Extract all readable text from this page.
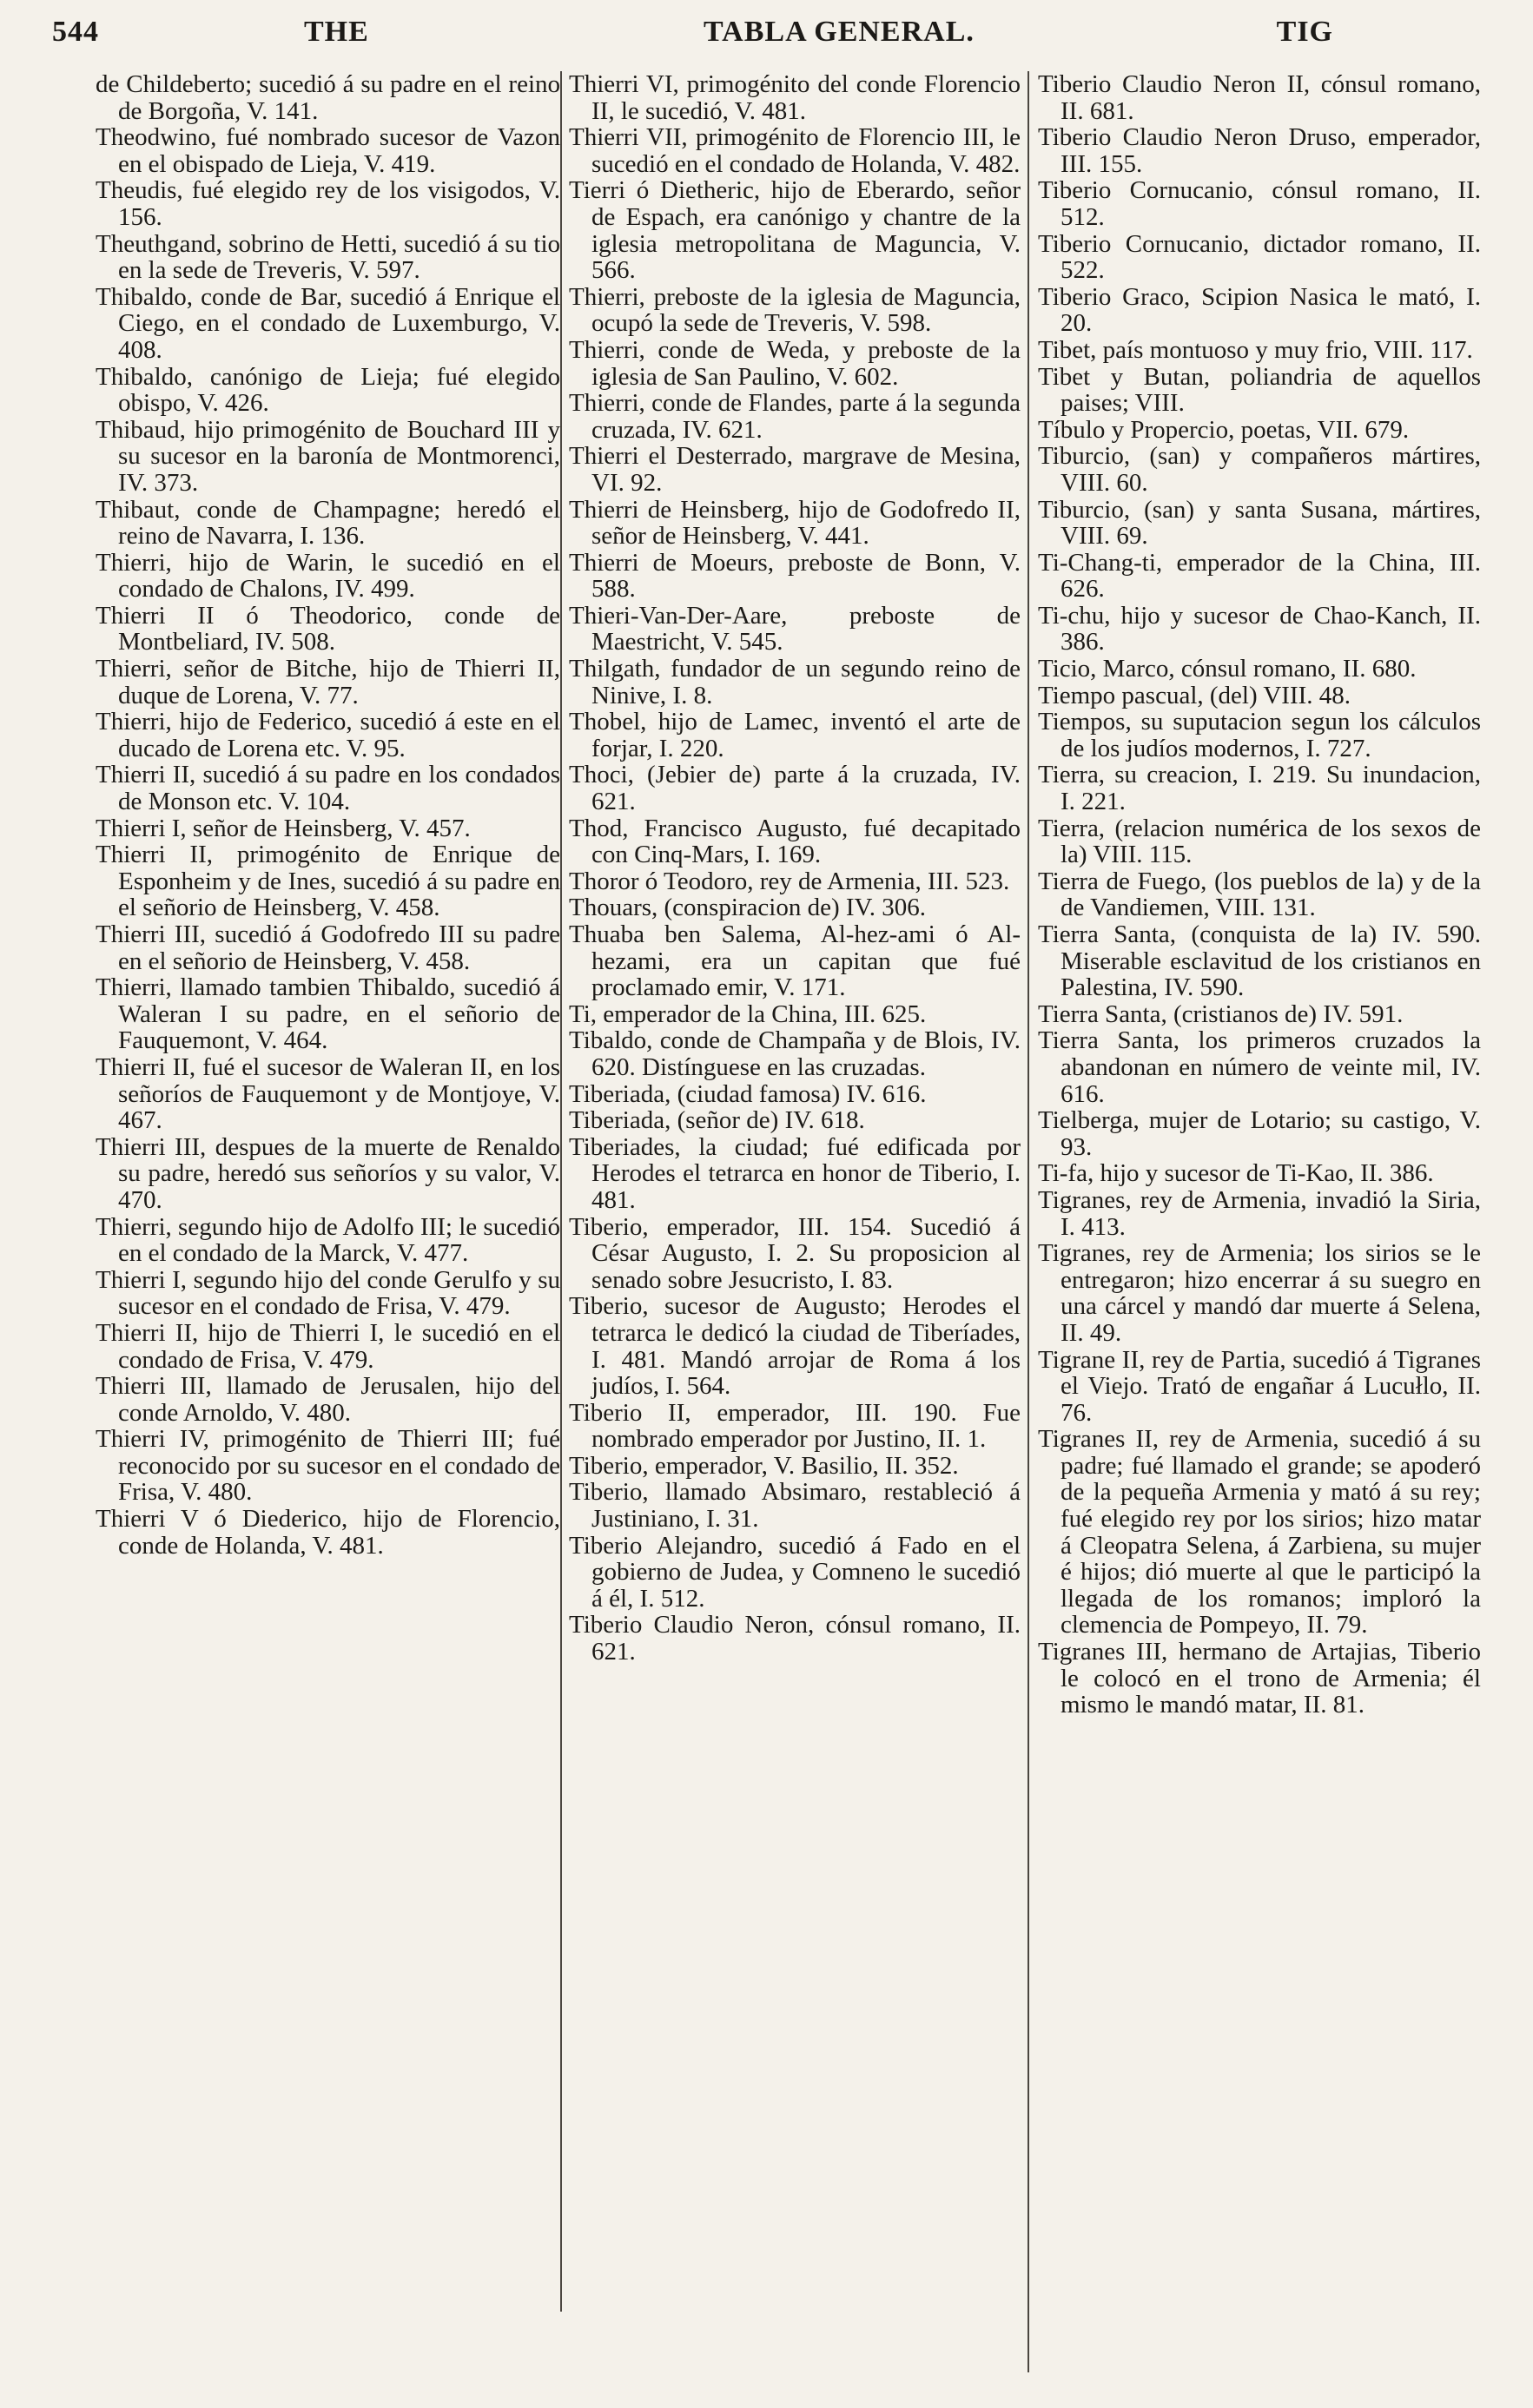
544	THE	TABLA GENERAL.	TIG

de Childeberto; sucedió á su padre en el reino de Borgoña, V. 141.

Theodwino, fué nombrado sucesor de Vazon en el obispado de Lieja, V. 419.

Theudis, fué elegido rey de los visigodos, V. 156.

Theuthgand, sobrino de Hetti, sucedió á su tio en la sede de Treveris, V. 597.

Thibaldo, conde de Bar, sucedió á Enrique el Ciego, en el condado de Luxemburgo, V. 408.

Thibaldo, canónigo de Lieja; fué elegido obispo, V. 426.

Thibaud, hijo primogénito de Bouchard III y su sucesor en la baronía de Montmorenci, IV. 373.

Thibaut, conde de Champagne; heredó el reino de Navarra, I. 136.

Thierri, hijo de Warin, le sucedió en el condado de Chalons, IV. 499.

Thierri II ó Theodorico, conde de Montbeliard, IV. 508.

Thierri, señor de Bitche, hijo de Thierri II, duque de Lorena, V. 77.

Thierri, hijo de Federico, sucedió á este en el ducado de Lorena etc. V. 95.

Thierri II, sucedió á su padre en los condados de Monson etc. V. 104.

Thierri I, señor de Heinsberg, V. 457.

Thierri II, primogénito de Enrique de Esponheim y de Ines, sucedió á su padre en el señorio de Heinsberg, V. 458.

Thierri III, sucedió á Godofredo III su padre en el señorio de Heinsberg, V. 458.

Thierri, llamado tambien Thibaldo, sucedió á Waleran I su padre, en el señorio de Fauquemont, V. 464.

Thierri II, fué el sucesor de Waleran II, en los señoríos de Fauquemont y de Montjoye, V. 467.

Thierri III, despues de la muerte de Renaldo su padre, heredó sus señoríos y su valor, V. 470.

Thierri, segundo hijo de Adolfo III; le sucedió en el condado de la Marck, V. 477.

Thierri I, segundo hijo del conde Gerulfo y su sucesor en el condado de Frisa, V. 479.

Thierri II, hijo de Thierri I, le sucedió en el condado de Frisa, V. 479.

Thierri III, llamado de Jerusalen, hijo del conde Arnoldo, V. 480.

Thierri IV, primogénito de Thierri III; fué reconocido por su sucesor en el condado de Frisa, V. 480.

Thierri V ó Diederico, hijo de Florencio, conde de Holanda, V. 481.

Thierri VI, primogénito del conde Florencio II, le sucedió, V. 481.

Thierri VII, primogénito de Florencio III, le sucedió en el condado de Holanda, V. 482.

Tierri ó Dietheric, hijo de Eberardo, señor de Espach, era canónigo y chantre de la iglesia metropolitana de Maguncia, V. 566.

Thierri, preboste de la iglesia de Maguncia, ocupó la sede de Treveris, V. 598.

Thierri, conde de Weda, y preboste de la iglesia de San Paulino, V. 602.

Thierri, conde de Flandes, parte á la segunda cruzada, IV. 621.

Thierri el Desterrado, margrave de Mesina, VI. 92.

Thierri de Heinsberg, hijo de Godofredo II, señor de Heinsberg, V. 441.

Thierri de Moeurs, preboste de Bonn, V. 588.

Thieri-Van-Der-Aare, preboste de Maestricht, V. 545.

Thilgath, fundador de un segundo reino de Ninive, I. 8.

Thobel, hijo de Lamec, inventó el arte de forjar, I. 220.

Thoci, (Jebier de) parte á la cruzada, IV. 621.

Thod, Francisco Augusto, fué decapitado con Cinq-Mars, I. 169.

Thoror ó Teodoro, rey de Armenia, III. 523.

Thouars, (conspiracion de) IV. 306.

Thuaba ben Salema, Al-hez-ami ó Al-hezami, era un capitan que fué proclamado emir, V. 171.

Ti, emperador de la China, III. 625.

Tibaldo, conde de Champaña y de Blois, IV. 620. Distínguese en las cruzadas.

Tiberiada, (ciudad famosa) IV. 616.

Tiberiada, (señor de) IV. 618.

Tiberiades, la ciudad; fué edificada por Herodes el tetrarca en honor de Tiberio, I. 481.

Tiberio, emperador, III. 154. Sucedió á César Augusto, I. 2. Su proposicion al senado sobre Jesucristo, I. 83.

Tiberio, sucesor de Augusto; Herodes el tetrarca le dedicó la ciudad de Tiberíades, I. 481. Mandó arrojar de Roma á los judíos, I. 564.

Tiberio II, emperador, III. 190. Fue nombrado emperador por Justino, II. 1.

Tiberio, emperador, V. Basilio, II. 352.

Tiberio, llamado Absimaro, restableció á Justiniano, I. 31.

Tiberio Alejandro, sucedió á Fado en el gobierno de Judea, y Comneno le sucedió á él, I. 512.

Tiberio Claudio Neron, cónsul romano, II. 621.

Tiberio Claudio Neron II, cónsul romano, II. 681.

Tiberio Claudio Neron Druso, emperador, III. 155.

Tiberio Cornucanio, cónsul romano, II. 512.

Tiberio Cornucanio, dictador romano, II. 522.

Tiberio Graco, Scipion Nasica le mató, I. 20.

Tibet, país montuoso y muy frio, VIII. 117.

Tibet y Butan, poliandria de aquellos paises; VIII.

Tíbulo y Propercio, poetas, VII. 679.

Tiburcio, (san) y compañeros mártires, VIII. 60.

Tiburcio, (san) y santa Susana, mártires, VIII. 69.

Ti-Chang-ti, emperador de la China, III. 626.

Ti-chu, hijo y sucesor de Chao-Kanch, II. 386.

Ticio, Marco, cónsul romano, II. 680.

Tiempo pascual, (del) VIII. 48.

Tiempos, su suputacion segun los cálculos de los judíos modernos, I. 727.

Tierra, su creacion, I. 219. Su inundacion, I. 221.

Tierra, (relacion numérica de los sexos de la) VIII. 115.

Tierra de Fuego, (los pueblos de la) y de la de Vandiemen, VIII. 131.

Tierra Santa, (conquista de la) IV. 590. Miserable esclavitud de los cristianos en Palestina, IV. 590.

Tierra Santa, (cristianos de) IV. 591.

Tierra Santa, los primeros cruzados la abandonan en número de veinte mil, IV. 616.

Tielberga, mujer de Lotario; su castigo, V. 93.

Ti-fa, hijo y sucesor de Ti-Kao, II. 386.

Tigranes, rey de Armenia, invadió la Siria, I. 413.

Tigranes, rey de Armenia; los sirios se le entregaron; hizo encerrar á su suegro en una cárcel y mandó dar muerte á Selena, II. 49.

Tigrane II, rey de Partia, sucedió á Tigranes el Viejo. Trató de engañar á Lucułlo, II. 76.

Tigranes II, rey de Armenia, sucedió á su padre; fué llamado el grande; se apoderó de la pequeña Armenia y mató á su rey; fué elegido rey por los sirios; hizo matar á Cleopatra Selena, á Zarbiena, su mujer é hijos; dió muerte al que le participó la llegada de los romanos; imploró la clemencia de Pompeyo, II. 79.

Tigranes III, hermano de Artajias, Tiberio le colocó en el trono de Armenia; él mismo le mandó matar, II. 81.
